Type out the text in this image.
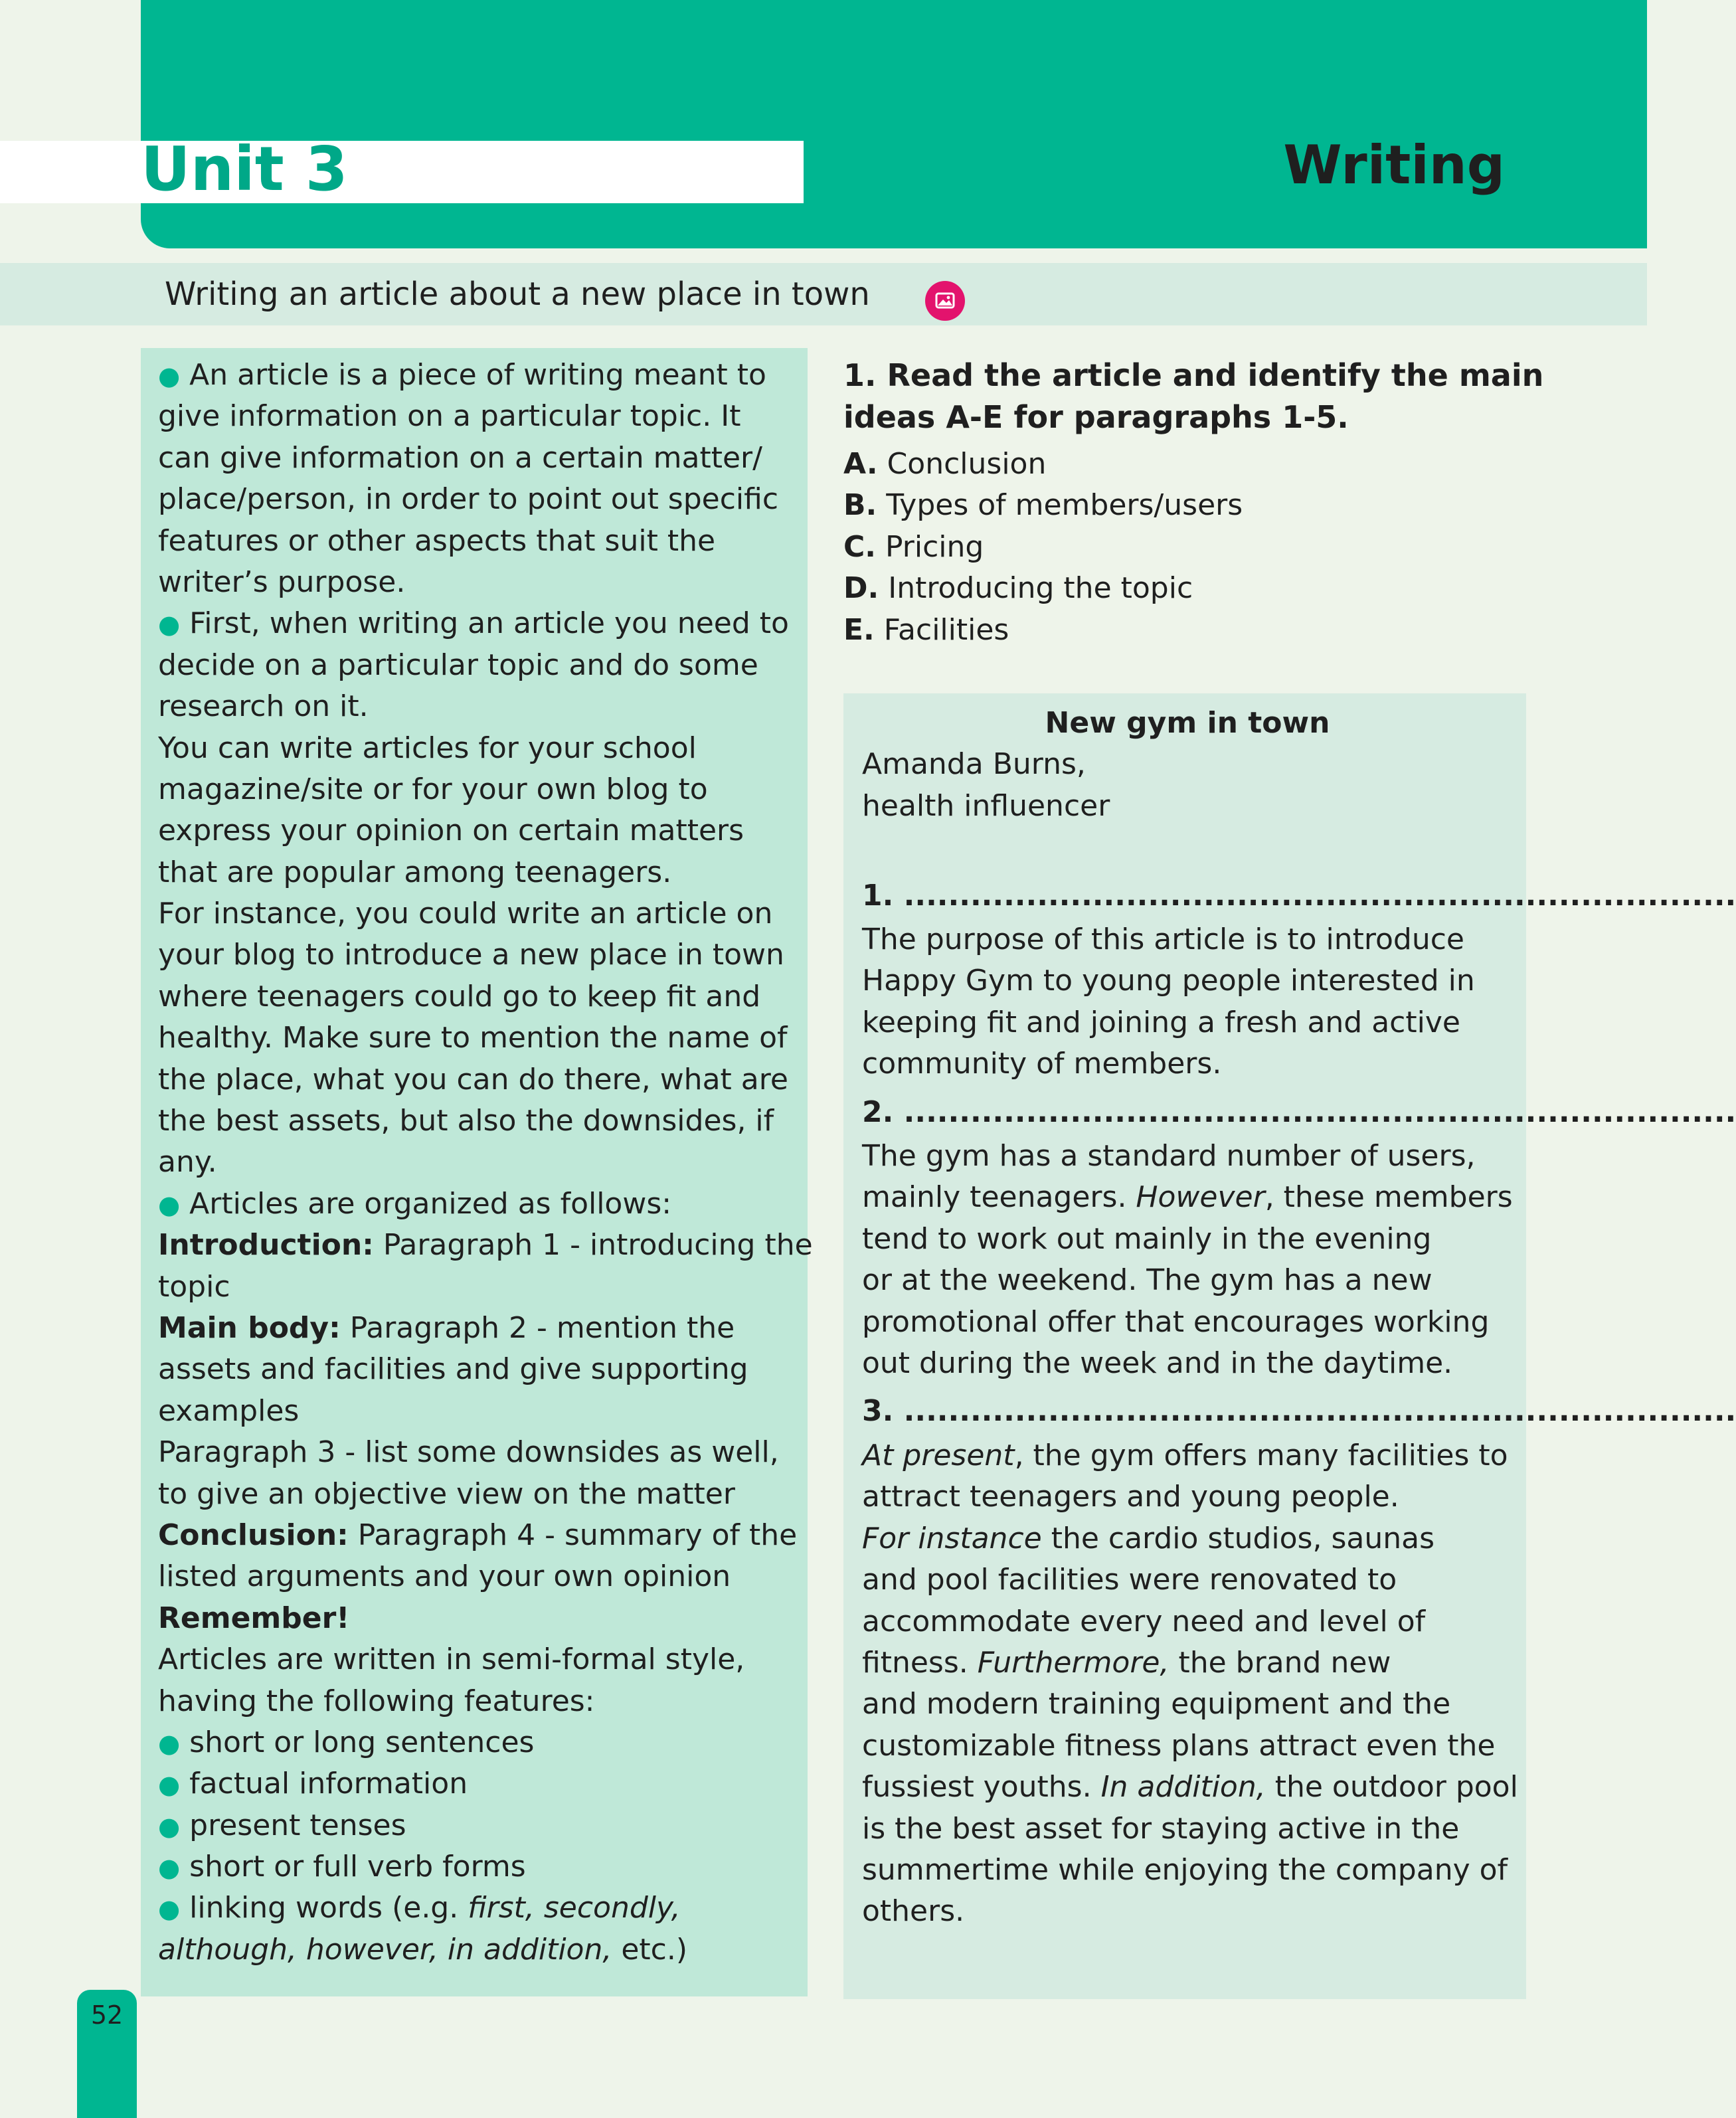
Unit 3	Writing
Writing an article about a new place in town
● An article is a piece of writing meant to
give information on a particular topic. It
can give information on a certain matter/
place/person, in order to point out specific
features or other aspects that suit the
writer’s purpose.
● First, when writing an article you need to
decide on a particular topic and do some
research on it.
You can write articles for your school
magazine/site or for your own blog to
express your opinion on certain matters
that are popular among teenagers.
For instance, you could write an article on
your blog to introduce a new place in town
where teenagers could go to keep fit and
healthy. Make sure to mention the name of
the place, what you can do there, what are
the best assets, but also the downsides, if
any.
● Articles are organized as follows:
Introduction: Paragraph 1 - introducing the
topic
Main body: Paragraph 2 - mention the
assets and facilities and give supporting
examples
Paragraph 3 - list some downsides as well,
to give an objective view on the matter
Conclusion: Paragraph 4 - summary of the
listed arguments and your own opinion
Remember!
Articles are written in semi-formal style,
having the following features:
● short or long sentences
● factual information
● present tenses
● short or full verb forms
● linking words (e.g. first, secondly,
although, however, in addition, etc.)
1. Read the article and identify the main
ideas A-E for paragraphs 1-5.
A. Conclusion
B. Types of members/users
C. Pricing
D. Introducing the topic
E. Facilities
New gym in town
Amanda Burns,
health influencer
1. ...........................................................................
The purpose of this article is to introduce
Happy Gym to young people interested in
keeping fit and joining a fresh and active
community of members.
2. ...........................................................................
The gym has a standard number of users,
mainly teenagers. However, these members
tend to work out mainly in the evening
or at the weekend. The gym has a new
promotional offer that encourages working
out during the week and in the daytime.
3. ...........................................................................
At present, the gym offers many facilities to
attract teenagers and young people.
For instance the cardio studios, saunas
and pool facilities were renovated to
accommodate every need and level of
fitness. Furthermore, the brand new
and modern training equipment and the
customizable fitness plans attract even the
fussiest youths. In addition, the outdoor pool
is the best asset for staying active in the
summertime while enjoying the company of
others.
52
